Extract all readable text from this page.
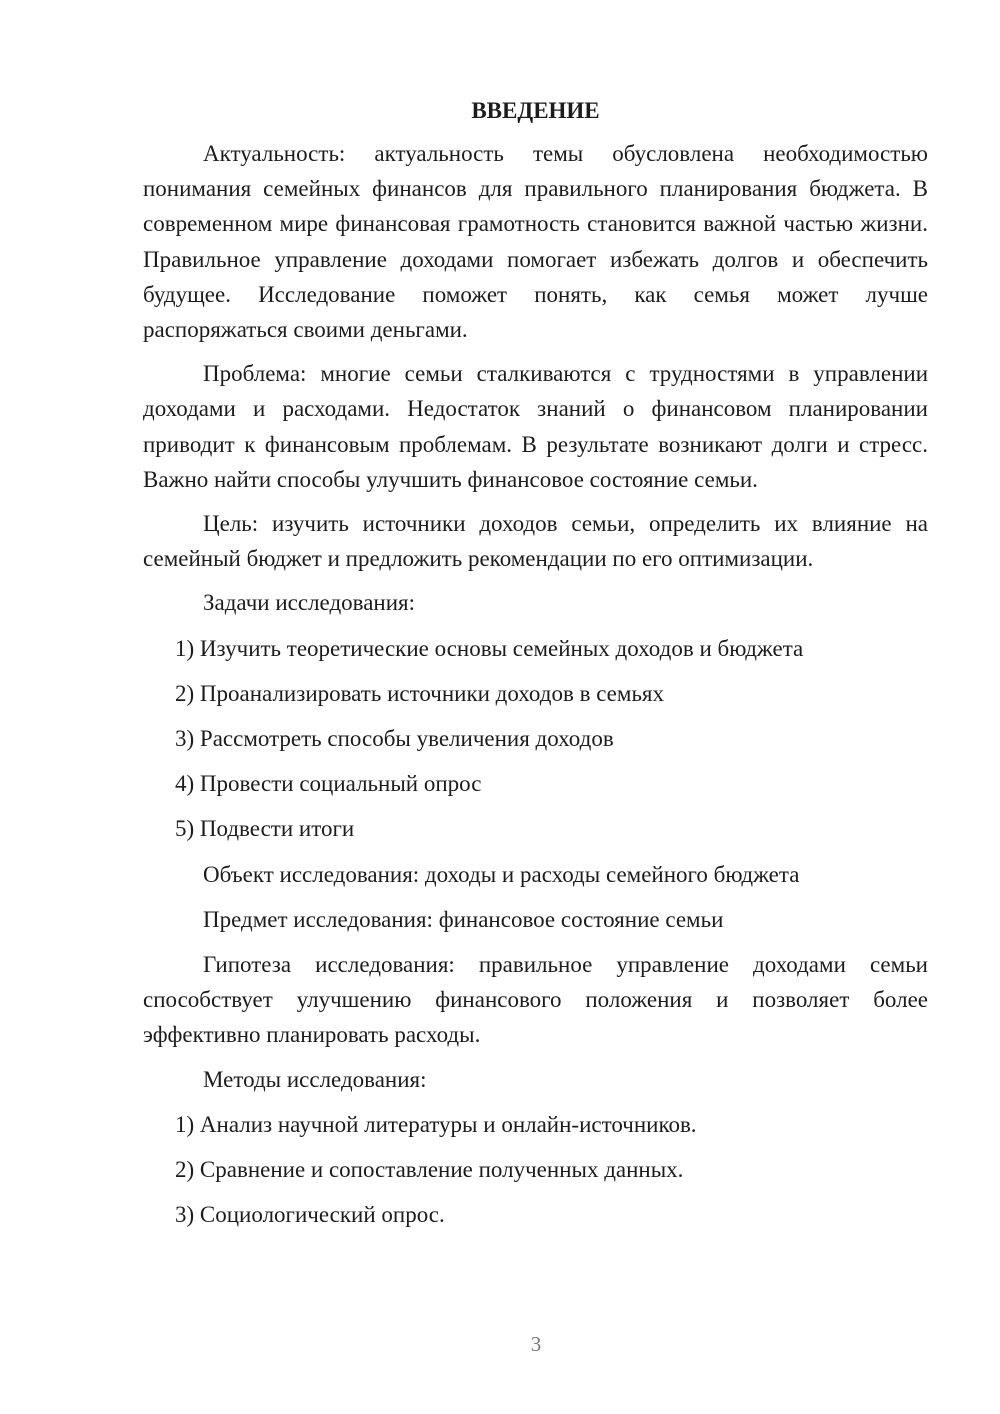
ВВЕДЕНИЕ

Актуальность: актуальность темы обусловлена необходимостью понимания семейных финансов для правильного планирования бюджета. В современном мире финансовая грамотность становится важной частью жизни. Правильное управление доходами помогает избежать долгов и обеспечить будущее. Исследование поможет понять, как семья может лучше распоряжаться своими деньгами.

Проблема: многие семьи сталкиваются с трудностями в управлении доходами и расходами. Недостаток знаний о финансовом планировании приводит к финансовым проблемам. В результате возникают долги и стресс. Важно найти способы улучшить финансовое состояние семьи.

Цель: изучить источники доходов семьи, определить их влияние на семейный бюджет и предложить рекомендации по его оптимизации.

Задачи исследования:
1) Изучить теоретические основы семейных доходов и бюджета
2) Проанализировать источники доходов в семьях
3) Рассмотреть способы увеличения доходов
4) Провести социальный опрос
5) Подвести итоги
Объект исследования: доходы и расходы семейного бюджета
Предмет исследования: финансовое состояние семьи

Гипотеза исследования: правильное управление доходами семьи способствует улучшению финансового положения и позволяет более эффективно планировать расходы.

Методы исследования:
1) Анализ научной литературы и онлайн-источников.
2) Сравнение и сопоставление полученных данных.
3) Социологический опрос.
3
